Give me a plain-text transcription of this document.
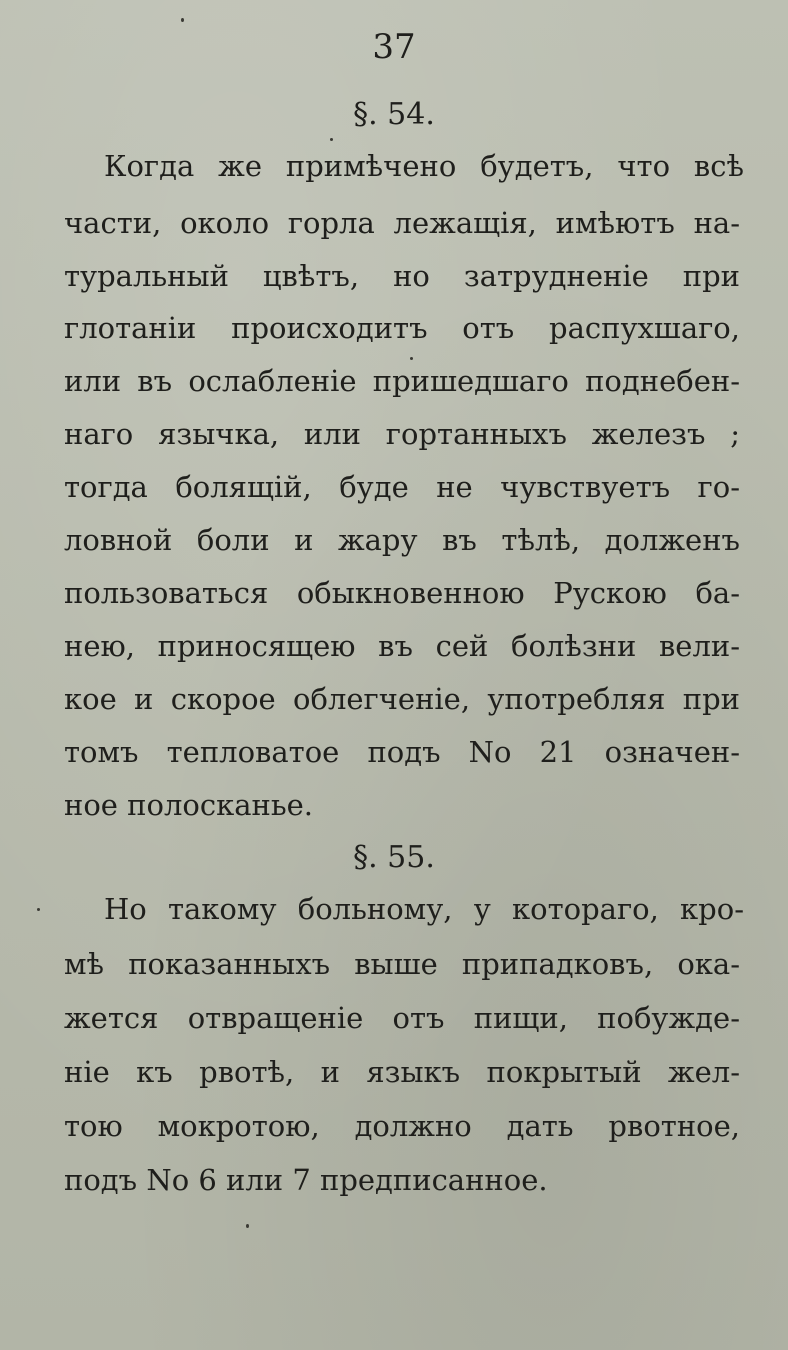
37
§. 54.
Когда же примѣчено будетъ, что всѣ
части, около горла лежащія, имѣютъ на-
туральный цвѣтъ, но затрудненіе при
глотаніи происходитъ отъ распухшаго,
или въ ослабленіе пришедшаго поднебен-
наго язычка, или гортанныхъ железъ ;
тогда болящій, буде не чувствуетъ го-
ловной боли и жару въ тѣлѣ, долженъ
пользоваться обыкновенною Рускою ба-
нею, приносящею въ сей болѣзни вели-
кое и скорое облегченіе, употребляя при
томъ тепловатое подъ No 21 означен-
ное полосканье.
§. 55.
Но такому больному, у котораго, кро-
мѣ показанныхъ выше припадковъ, ока-
жется отвращеніе отъ пищи, побужде-
ніе къ рвотѣ, и языкъ покрытый жел-
тою мокротою, должно дать рвотное,
подъ No 6 или 7 предписанное.
